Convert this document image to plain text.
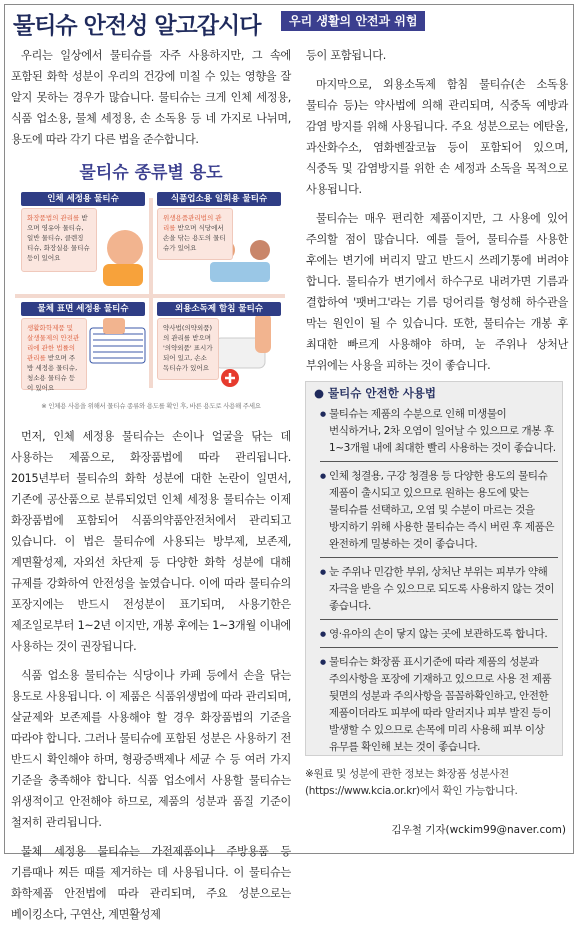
물티슈 안전성 알고갑시다	우리 생활의 안전과 위험

우리는 일상에서 물티슈를 자주 사용하지만, 그 속에 포함된 화학 성분이 우리의 건강에 미칠 수 있는 영향을 잘 알지 못하는 경우가 많습니다. 물티슈는 크게 인체 세정용, 식품 업소용, 물체 세정용, 손 소독용 등 네 가지로 나뉘며, 용도에 따라 각기 다른 법을 준수합니다.

물티슈 종류별 용도
인체 세정용 물티슈
화장품법의 관리를 받으며 영유아 물티슈, 일반 물티슈, 클렌징 티슈, 화장실용 물티슈 등이 있어요
식품업소용 일회용 물티슈
위생용품관리법의 관리를 받으며 식당에서 손을 닦는 용도의 물티슈가 있어요
물체 표면 세정용 물티슈
생활화학제품 및 살생물제의 안전관리에 관한 법률의 관리를 받으며 주방 세정용 물티슈, 청소용 물티슈 등이 있어요
외용소독제 함침 물티슈
약사법(의약외품)의 관리를 받으며 '의약외품' 표시가 되어 있고, 손소독티슈가 있어요
※ 인체용 사용을 위해서 물티슈 종류와 용도를 확인 후, 바른 용도로 사용해 주세요

먼저, 인체 세정용 물티슈는 손이나 얼굴을 닦는 데 사용하는 제품으로, 화장품법에 따라 관리됩니다. 2015년부터 물티슈의 화학 성분에 대한 논란이 일면서, 기존에 공산품으로 분류되었던 인체 세정용 물티슈는 이제 화장품법에 포함되어 식품의약품안전처에서 관리되고 있습니다. 이 법은 물티슈에 사용되는 방부제, 보존제, 계면활성제, 자외선 차단제 등 다양한 화학 성분에 대해 규제를 강화하여 안전성을 높였습니다. 이에 따라 물티슈의 포장지에는 반드시 전성분이 표기되며, 사용기한은 제조일로부터 1~2년 이지만, 개봉 후에는 1~3개월 이내에 사용하는 것이 권장됩니다.

식품 업소용 물티슈는 식당이나 카페 등에서 손을 닦는 용도로 사용됩니다. 이 제품은 식품위생법에 따라 관리되며, 살균제와 보존제를 사용해야 할 경우 화장품법의 기준을 따라야 합니다. 그러나 물티슈에 포함된 성분은 사용하기 전 반드시 확인해야 하며, 형광증백제나 세균 수 등 여러 가지 기준을 충족해야 합니다. 식품 업소에서 사용할 물티슈는 위생적이고 안전해야 하므로, 제품의 성분과 품질 기준이 철저히 관리됩니다.

물체 세정용 물티슈는 가전제품이나 주방용품 등 기름때나 찌든 때를 제거하는 데 사용됩니다. 이 물티슈는 화학제품 안전법에 따라 관리되며, 주요 성분으로는 베이킹소다, 구연산, 계면활성제

등이 포함됩니다.

마지막으로, 외용소독제 함침 물티슈(손 소독용 물티슈 등)는 약사법에 의해 관리되며, 식중독 예방과 감염 방지를 위해 사용됩니다. 주요 성분으로는 에탄올, 과산화수소, 염화벤잘코늄 등이 포함되어 있으며, 식중독 및 감염방지를 위한 손 세정과 소독을 목적으로 사용됩니다.

물티슈는 매우 편리한 제품이지만, 그 사용에 있어 주의할 점이 많습니다. 예를 들어, 물티슈를 사용한 후에는 변기에 버리지 말고 반드시 쓰레기통에 버려야 합니다. 물티슈가 변기에서 하수구로 내려가면 기름과 결합하여 '팻버그'라는 기름 덩어리를 형성해 하수관을 막는 원인이 될 수 있습니다. 또한, 물티슈는 개봉 후 최대한 빠르게 사용해야 하며, 눈 주위나 상처난 부위에는 사용을 피하는 것이 좋습니다.

● 물티슈 안전한 사용법
● 물티슈는 제품의 수분으로 인해 미생물이 번식하거나, 2차 오염이 일어날 수 있으므로 개봉 후 1~3개월 내에 최대한 빨리 사용하는 것이 좋습니다.
● 인체 청결용, 구강 청결용 등 다양한 용도의 물티슈 제품이 출시되고 있으므로 원하는 용도에 맞는 물티슈를 선택하고, 오염 및 수분이 마르는 것을 방지하기 위해 사용한 물티슈는 즉시 버린 후 제품은 완전하게 밀봉하는 것이 좋습니다.
● 눈 주위나 민감한 부위, 상처난 부위는 피부가 약해 자극을 받을 수 있으므로 되도록 사용하지 않는 것이 좋습니다.
● 영·유아의 손이 닿지 않는 곳에 보관하도록 합니다.
● 물티슈는 화장품 표시기준에 따라 제품의 성분과 주의사항을 포장에 기재하고 있으므로 사용 전 제품 뒷면의 성분과 주의사항을 꼼꼼하확인하고, 안전한 제품이더라도 피부에 따라 알러지나 피부 발진 등이 발생할 수 있으므로 손목에 미리 사용해 피부 이상 유무를 확인해 보는 것이 좋습니다.
※원료 및 성분에 관한 정보는 화장품 성분사전 (https://www.kcia.or.kr)에서 확인 가능합니다.
김우철 기자(wckim99@naver.com)
